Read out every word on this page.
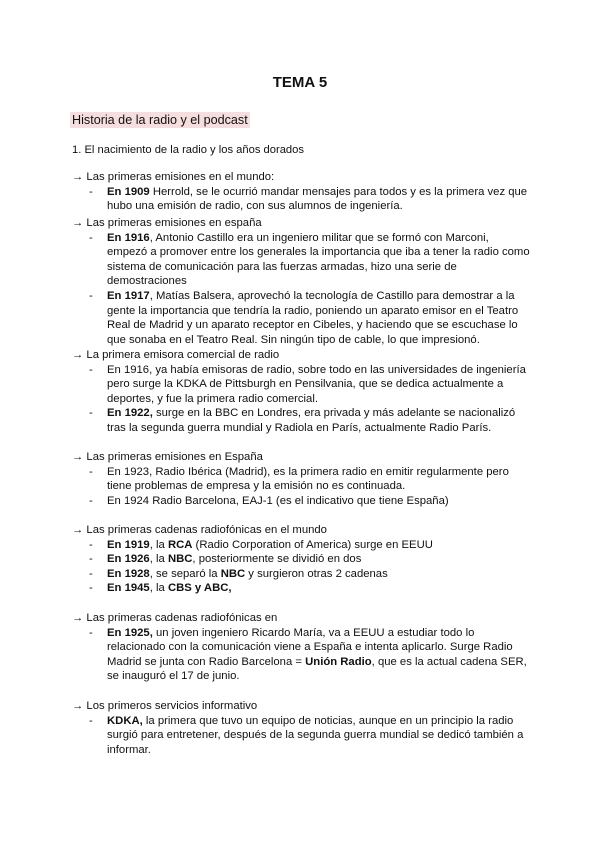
TEMA 5
Historia de la radio y el podcast
1. El nacimiento de la radio y los años dorados
→ Las primeras emisiones en el mundo:
- En 1909 Herrold, se le ocurrió mandar mensajes para todos y es la primera vez que hubo una emisión de radio, con sus alumnos de ingeniería.
→ Las primeras emisiones en españa
- En 1916, Antonio Castillo era un ingeniero militar que se formó con Marconi, empezó a promover entre los generales la importancia que iba a tener la radio como sistema de comunicación para las fuerzas armadas, hizo una serie de demostraciones
- En 1917, Matías Balsera, aprovechó la tecnología de Castillo para demostrar a la gente la importancia que tendría la radio, poniendo un aparato emisor en el Teatro Real de Madrid y un aparato receptor en Cibeles, y haciendo que se escuchase lo que sonaba en el Teatro Real. Sin ningún tipo de cable, lo que impresionó.
→ La primera emisora comercial de radio
- En 1916, ya había emisoras de radio, sobre todo en las universidades de ingeniería pero surge la KDKA de Pittsburgh en Pensilvania, que se dedica actualmente a deportes, y fue la primera radio comercial.
- En 1922, surge en la BBC en Londres, era privada y más adelante se nacionalizó tras la segunda guerra mundial y Radiola en París, actualmente Radio París.
→ Las primeras emisiones en España
- En 1923, Radio Ibérica (Madrid), es la primera radio en emitir regularmente pero tiene problemas de empresa y la emisión no es continuada.
- En 1924 Radio Barcelona, EAJ-1 (es el indicativo que tiene España)
→ Las primeras cadenas radiofónicas en el mundo
- En 1919, la RCA (Radio Corporation of America) surge en EEUU
- En 1926, la NBC, posteriormente se dividió en dos
- En 1928, se separó la NBC y surgieron otras 2 cadenas
- En 1945, la CBS y ABC,
→ Las primeras cadenas radiofónicas en
- En 1925, un joven ingeniero Ricardo María, va a EEUU a estudiar todo lo relacionado con la comunicación viene a España e intenta aplicarlo. Surge Radio Madrid se junta con Radio Barcelona = Unión Radio, que es la actual cadena SER, se inauguró el 17 de junio.
→ Los primeros servicios informativo
- KDKA, la primera que tuvo un equipo de noticias, aunque en un principio la radio surgió para entretener, después de la segunda guerra mundial se dedicó también a informar.
